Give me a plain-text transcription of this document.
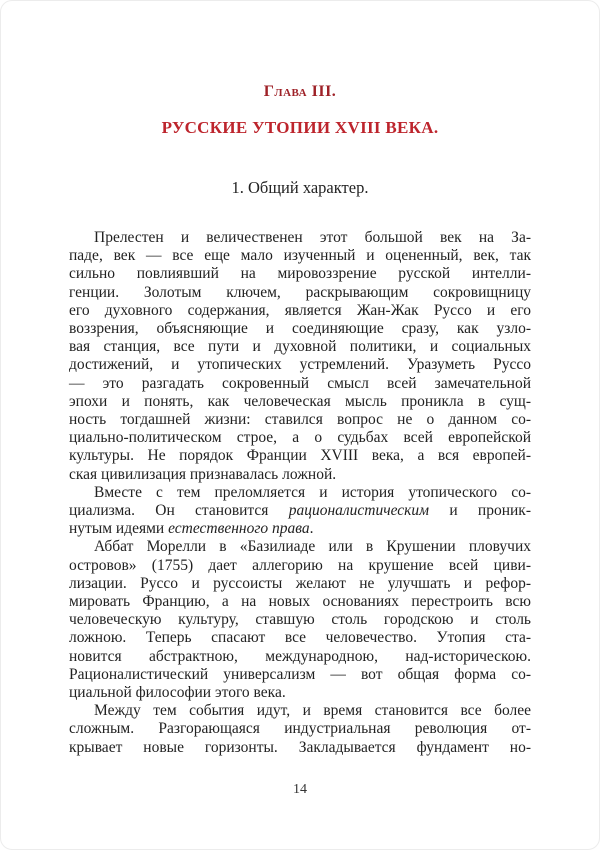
Глава III.
РУССКИЕ УТОПИИ XVIII ВЕКА.
1. Общий характер.
Прелестен и величественен этот большой век на За-
паде, век — все еще мало изученный и оцененный, век, так
сильно повлиявший на мировоззрение русской интелли-
генции. Золотым ключем, раскрывающим сокровищницу
его духовного содержания, является Жан-Жак Руссо и его
воззрения, объясняющие и соединяющие сразу, как узло-
вая станция, все пути и духовной политики, и социальных
достижений, и утопических устремлений. Уразуметь Руссо
— это разгадать сокровенный смысл всей замечательной
эпохи и понять, как человеческая мысль проникла в сущ-
ность тогдашней жизни: ставился вопрос не о данном со-
циально-политическом строе, а о судьбах всей европейской
культуры. Не порядок Франции XVIII века, а вся европей-
ская цивилизация признавалась ложной.
Вместе с тем преломляется и история утопического со-
циализма. Он становится рационалистическим и проник-
нутым идеями естественного права.
Аббат Морелли в «Базилиаде или в Крушении пловучих
островов» (1755) дает аллегорию на крушение всей циви-
лизации. Руссо и руссоисты желают не улучшать и рефор-
мировать Францию, а на новых основаниях перестроить всю
человеческую культуру, ставшую столь городскою и столь
ложною. Теперь спасают все человечество. Утопия ста-
новится абстрактною, международною, над-историческою.
Рационалистический универсализм — вот общая форма со-
циальной философии этого века.
Между тем события идут, и время становится все более
сложным. Разгорающаяся индустриальная революция от-
крывает новые горизонты. Закладывается фундамент но-
14
